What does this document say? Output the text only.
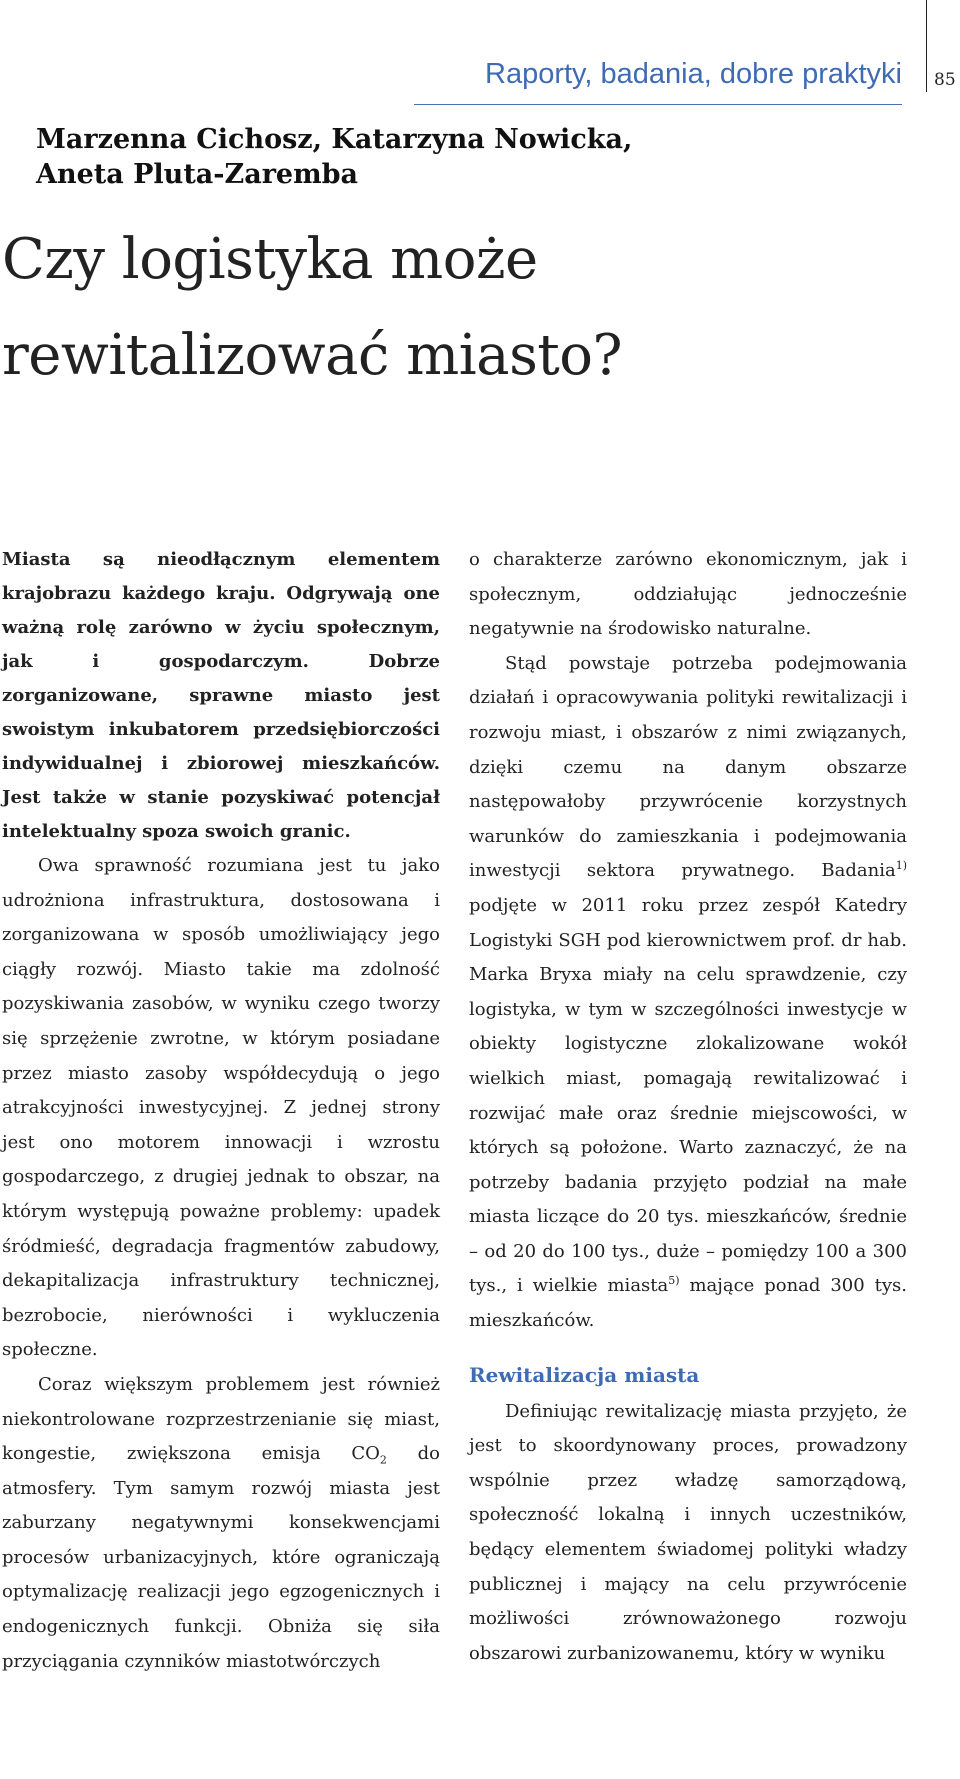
Raporty, badania, dobre praktyki 85
Marzenna Cichosz, Katarzyna Nowicka,
Aneta Pluta-Zaremba
Czy logistyka może
rewitalizować miasto?

Miasta są nieodłącznym elementem krajobrazu każdego kraju. Odgrywają one ważną rolę zarówno w życiu społecznym, jak i gospodarczym. Dobrze zorganizowane, sprawne miasto jest swoistym inkubatorem przedsiębiorczości indywidualnej i zbiorowej mieszkańców. Jest także w stanie pozyskiwać potencjał intelektualny spoza swoich granic.

Owa sprawność rozumiana jest tu jako udrożniona infrastruktura, dostosowana i zorganizowana w sposób umożliwiający jego ciągły rozwój. Miasto takie ma zdolność pozyskiwania zasobów, w wyniku czego tworzy się sprzężenie zwrotne, w którym posiadane przez miasto zasoby współdecydują o jego atrakcyjności inwestycyjnej. Z jednej strony jest ono motorem innowacji i wzrostu gospodarczego, z drugiej jednak to obszar, na którym występują poważne problemy: upadek śródmieść, degradacja fragmentów zabudowy, dekapitalizacja infrastruktury technicznej, bezrobocie, nierówności i wykluczenia społeczne.

Coraz większym problemem jest również niekontrolowane rozprzestrzenianie się miast, kongestie, zwiększona emisja $CO_2$ do atmosfery. Tym samym rozwój miasta jest zaburzany negatywnymi konsekwencjami procesów urbanizacyjnych, które ograniczają optymalizację realizacji jego egzogenicznych i endogenicznych funkcji. Obniża się siła przyciągania czynników miastotwórczych

o charakterze zarówno ekonomicznym, jak i społecznym, oddziałując jednocześnie negatywnie na środowisko naturalne.

Stąd powstaje potrzeba podejmowania działań i opracowywania polityki rewitalizacji i rozwoju miast, i obszarów z nimi związanych, dzięki czemu na danym obszarze następowałoby przywrócenie korzystnych warunków do zamieszkania i podejmowania inwestycji sektora prywatnego. Badania$^{1)}$ podjęte w 2011 roku przez zespół Katedry Logistyki SGH pod kierownictwem prof. dr hab. Marka Bryxa miały na celu sprawdzenie, czy logistyka, w tym w szczególności inwestycje w obiekty logistyczne zlokalizowane wokół wielkich miast, pomagają rewitalizować i rozwijać małe oraz średnie miejscowości, w których są położone. Warto zaznaczyć, że na potrzeby badania przyjęto podział na małe miasta liczące do 20 tys. mieszkańców, średnie – od 20 do 100 tys., duże – pomiędzy 100 a 300 tys., i wielkie miasta$^{5)}$ mające ponad 300 tys. mieszkańców.

Rewitalizacja miasta

Definiując rewitalizację miasta przyjęto, że jest to skoordynowany proces, prowadzony wspólnie przez władzę samorządową, społeczność lokalną i innych uczestników, będący elementem świadomej polityki władzy publicznej i mający na celu przywrócenie możliwości zrównoważonego rozwoju obszarowi zurbanizowanemu, który w wyniku
